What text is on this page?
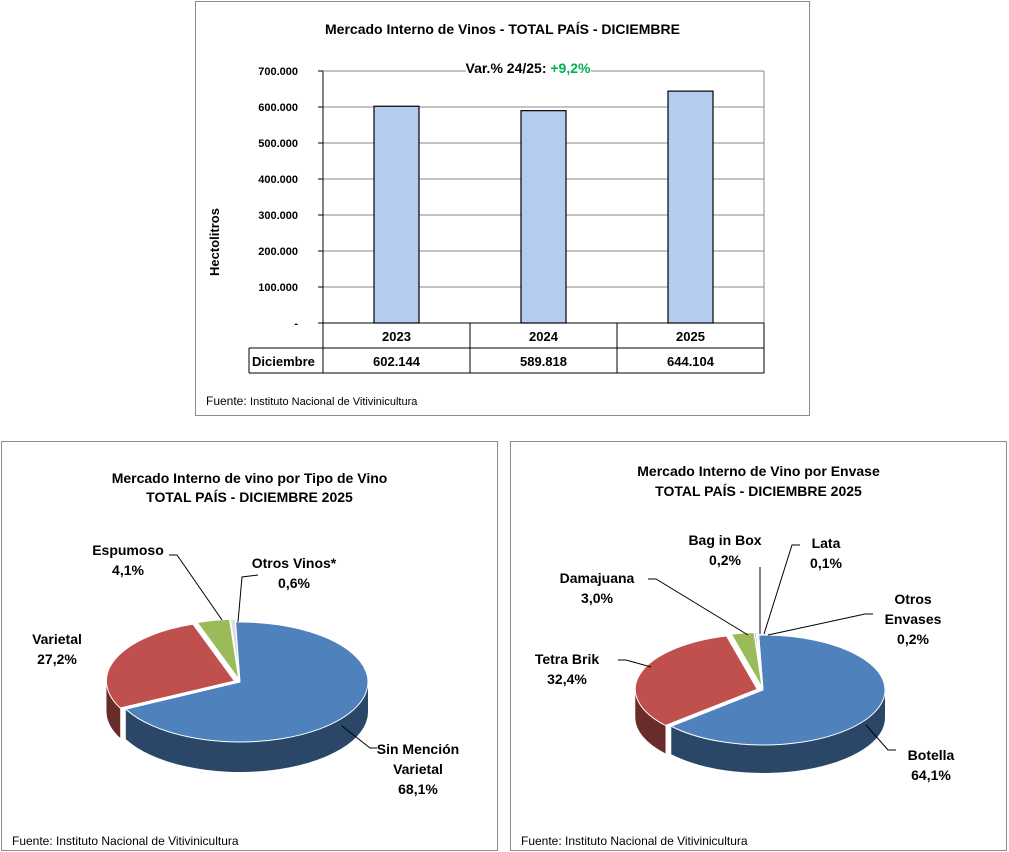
Mercado Interno de Vinos - TOTAL PAÍS - DICIEMBRE
-
100.000
200.000
300.000
400.000
500.000
600.000
700.000
Hectolitros
2023
602.144
2024
589.818
2025
644.104
Diciembre
Var.% 24/25: +9,2%
Fuente: Instituto Nacional de Vitivinicultura
Mercado Interno de vino por Tipo de Vino
TOTAL PAÍS - DICIEMBRE 2025
Sin Mención
Varietal
68,1%
Varietal
27,2%
Espumoso
4,1%	Otros Vinos*
0,6%
Fuente: Instituto Nacional de Vitivinicultura
Mercado Interno de Vino por Envase
TOTAL PAÍS - DICIEMBRE 2025
Botella
64,1%
Tetra Brik
32,4%
Damajuana
3,0%
Bag in Box
0,2%
Lata
0,1%
Otros
Envases
0,2%
Fuente: Instituto Nacional de Vitivinicultura
